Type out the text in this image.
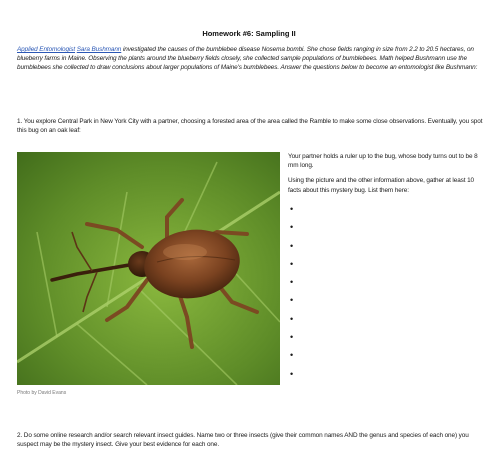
Homework #6: Sampling II
Applied Entomologist Sara Bushmann investigated the causes of the bumblebee disease Nosema bombi. She chose fields ranging in size from 2.2 to 20.5 hectares, on blueberry farms in Maine. Observing the plants around the blueberry fields closely, she collected sample populations of bumblebees. Math helped Bushmann use the bumblebees she collected to draw conclusions about larger populations of Maine's bumblebees. Answer the questions below to become an entomologist like Bushmann:
1. You explore Central Park in New York City with a partner, choosing a forested area of the area called the Ramble to make some close observations. Eventually, you spot this bug on an oak leaf:
Photo by David Evans

Your partner holds a ruler up to the bug, whose body turns out to be 8 mm long.

Using the picture and the other information above, gather at least 10 facts about this mystery bug. List them here:

•
•
•
•
•
•
•
•
•
•
2. Do some online research and/or search relevant insect guides. Name two or three insects (give their common names AND the genus and species of each one) you suspect may be the mystery insect. Give your best evidence for each one.
